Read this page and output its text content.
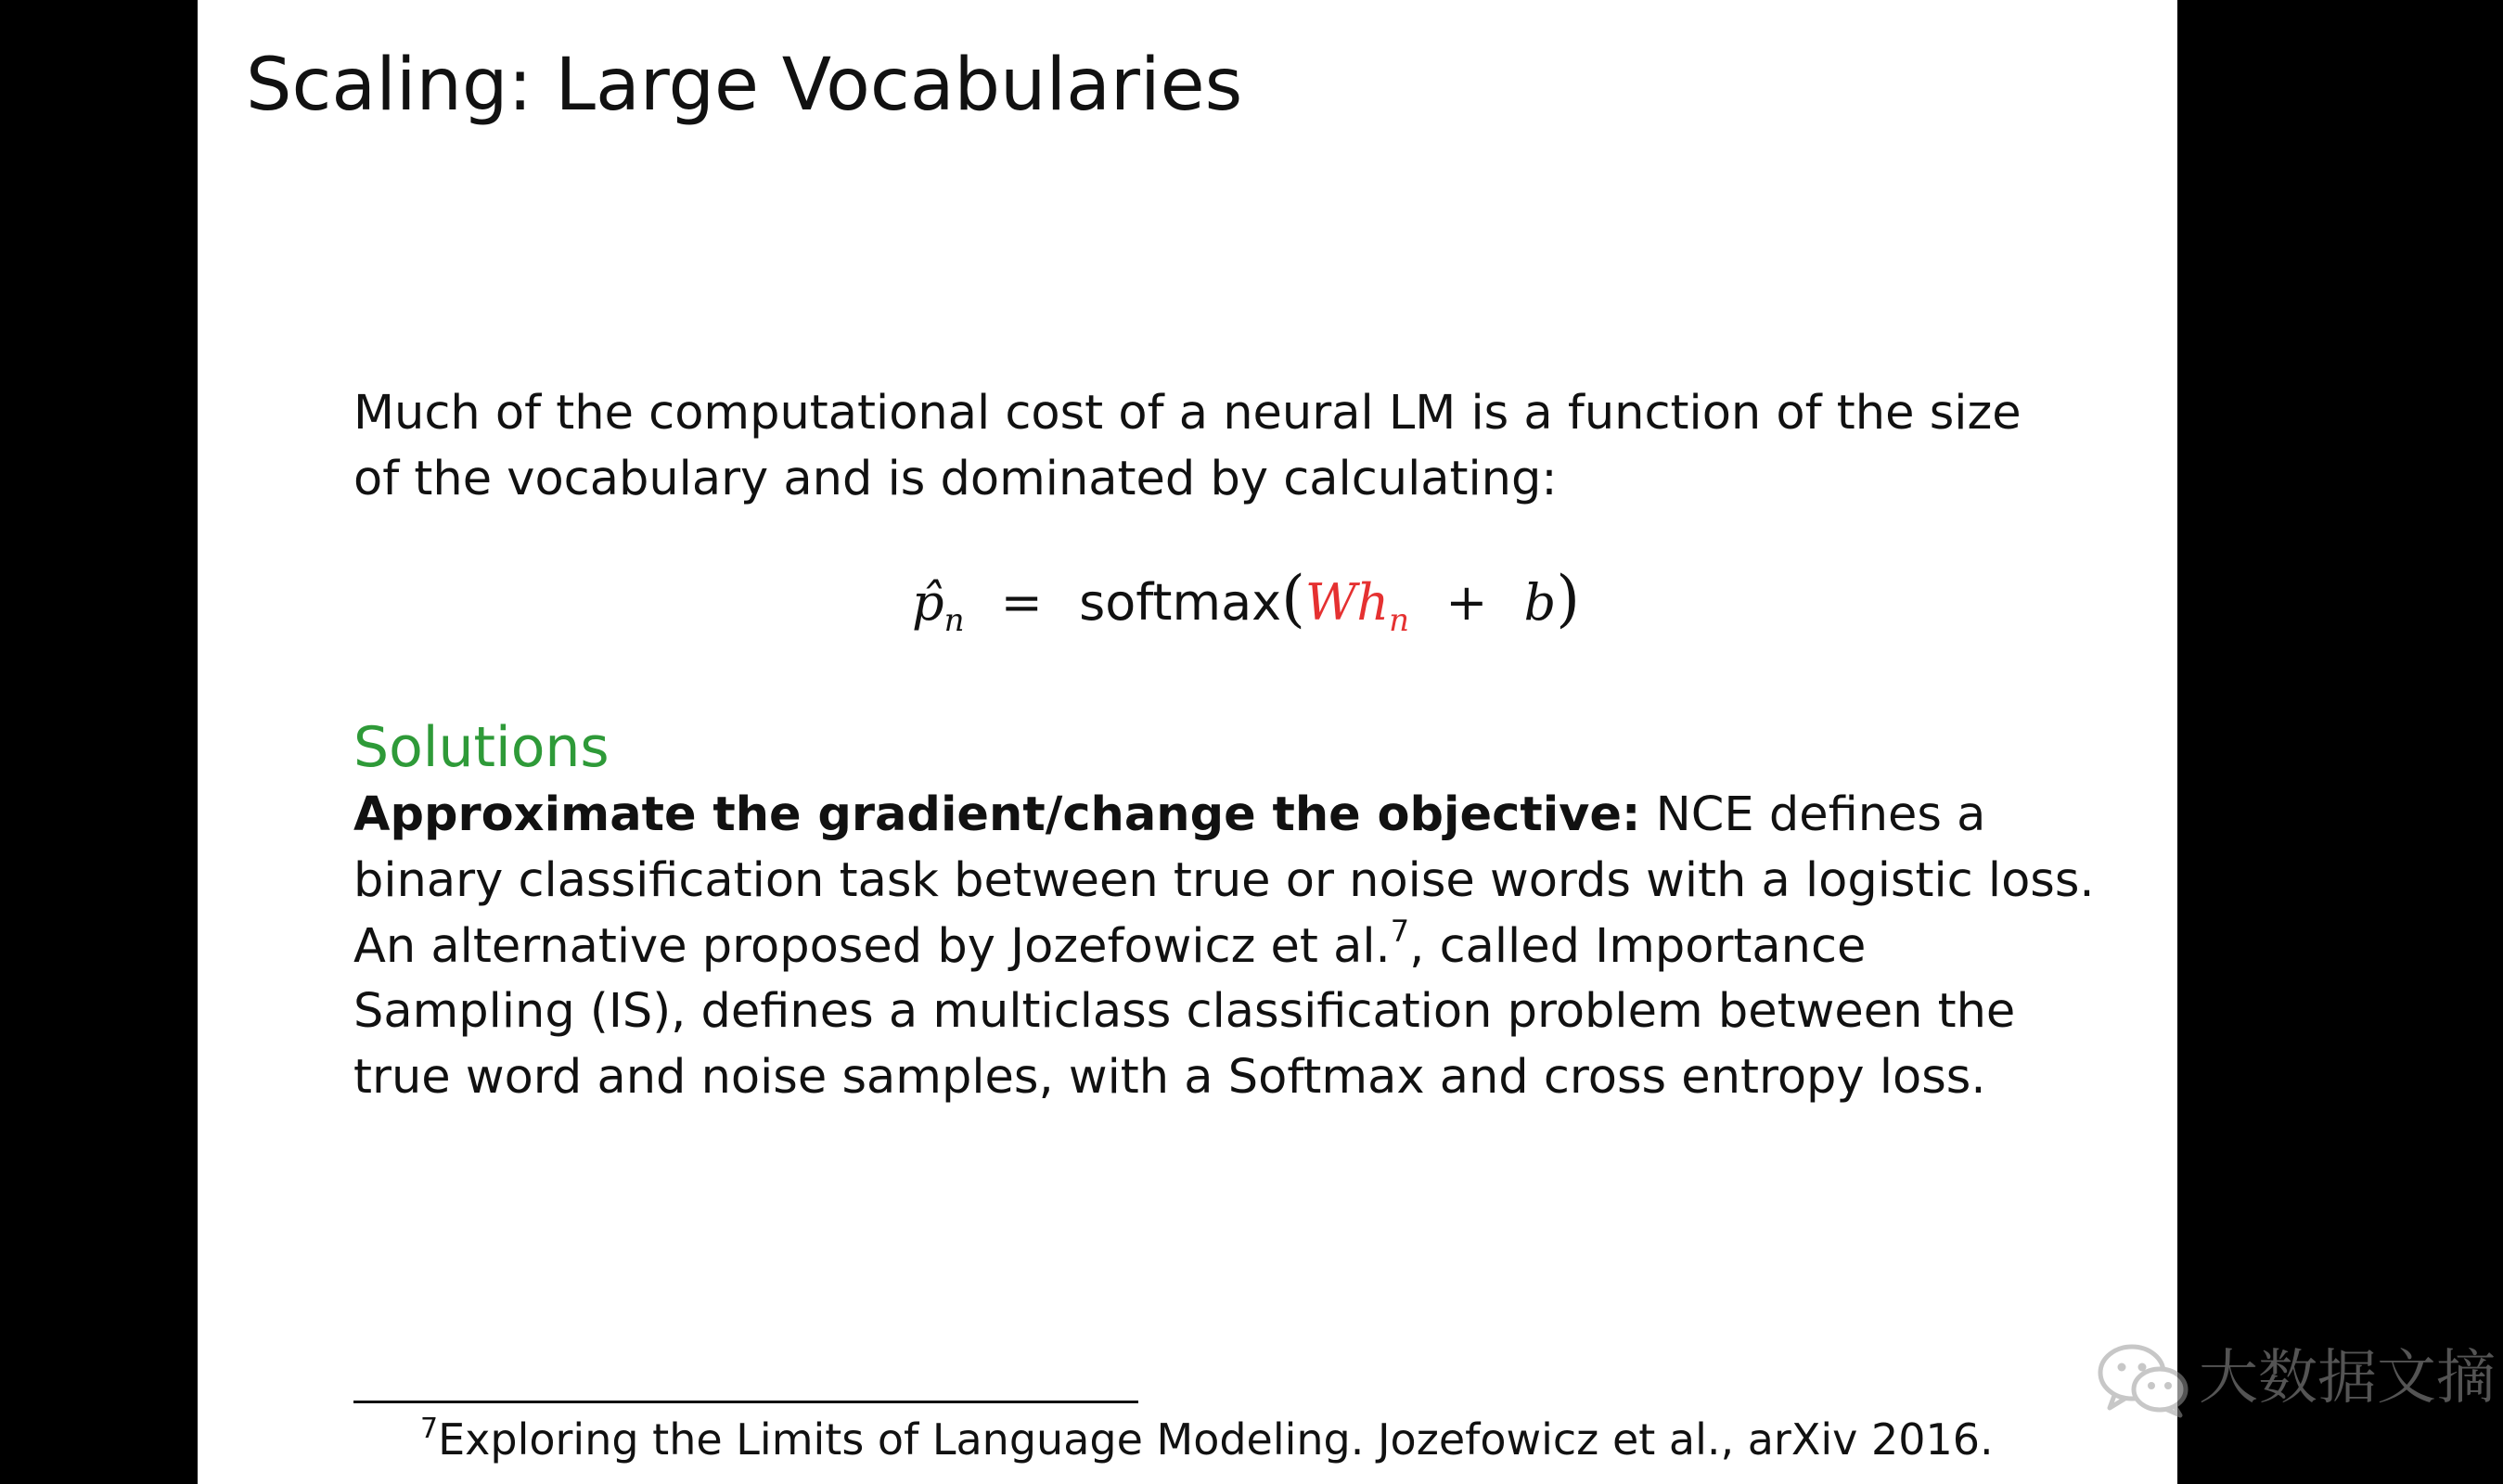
Scaling: Large Vocabularies
Much of the computational cost of a neural LM is a function of the size
of the vocabulary and is dominated by calculating:
$p̂_n$ = $softmax(Wh_n + b)$
Solutions
Approximate the gradient/change the objective: NCE defines a
binary classification task between true or noise words with a logistic loss.
An alternative proposed by Jozefowicz et al.$^7$, called Importance
Sampling (IS), defines a multiclass classification problem between the
true word and noise samples, with a Softmax and cross entropy loss.
$^7$Exploring the Limits of Language Modeling. Jozefowicz et al., arXiv 2016.
大数据文摘
